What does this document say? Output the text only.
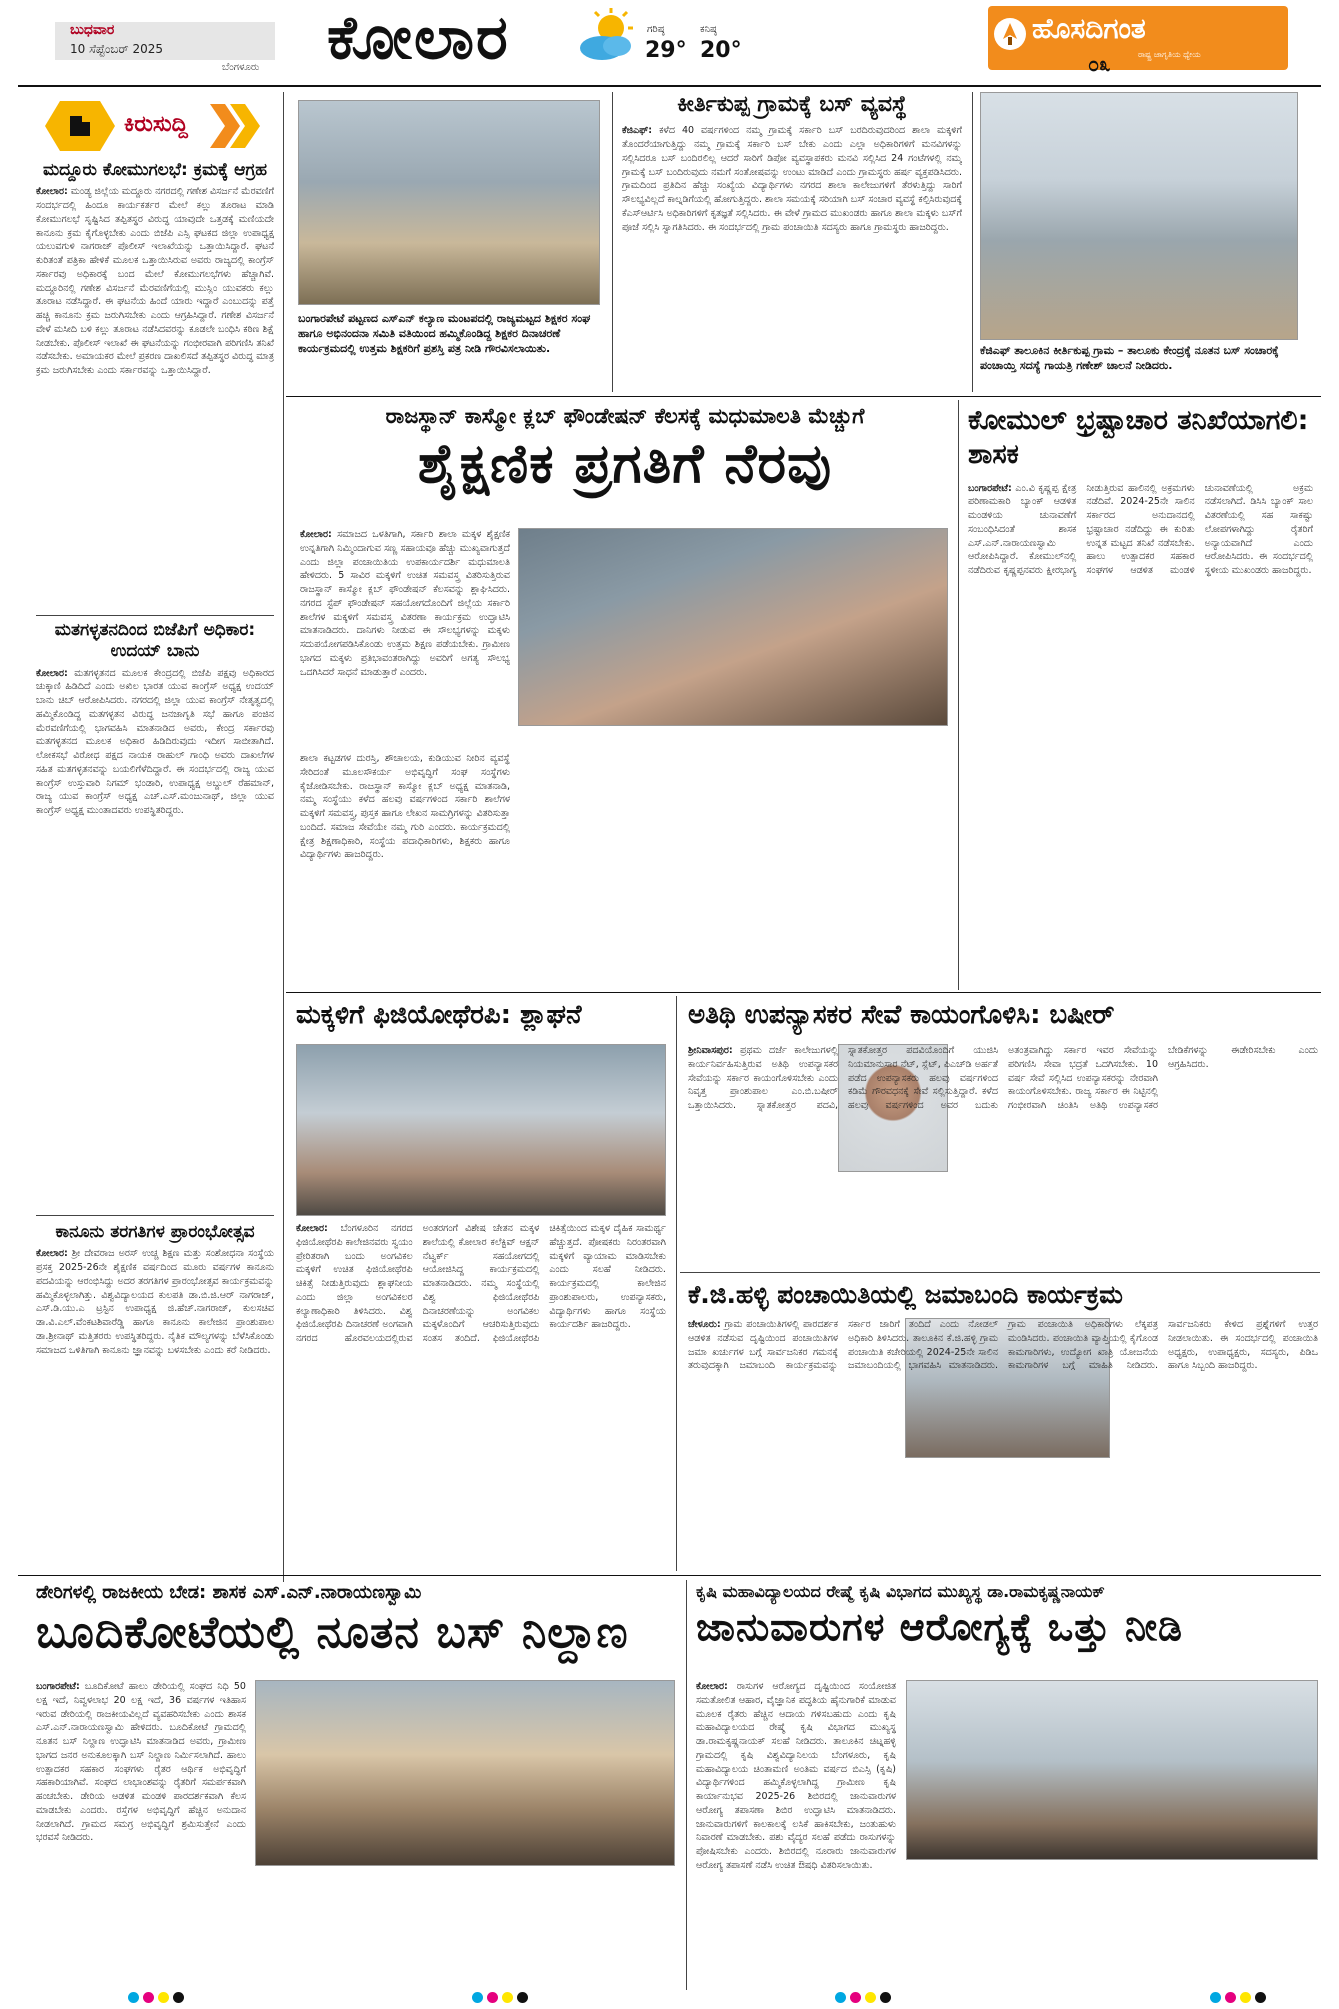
ಬುಧವಾರ
10 ಸೆಪ್ಟೆಂಬರ್ 2025
ಬೆಂಗಳೂರು ಕೋಲಾರ	ಗರಿಷ್ಠ
29°
ಕನಿಷ್ಠ
20°
ಹೊಸದಿಗಂತ
ರಾಷ್ಟ್ರ ಜಾಗೃತಿಯ ಧ್ಯೇಯ
೦೩
ಕಿರುಸುದ್ದಿ
ಮದ್ದೂರು ಕೋಮುಗಲಭೆ: ಕ್ರಮಕ್ಕೆ ಆಗ್ರಹ
ಕೋಲಾರ: ಮಂಡ್ಯ ಜಿಲ್ಲೆಯ ಮದ್ದೂರು ನಗರದಲ್ಲಿ ಗಣೇಶ ವಿಸರ್ಜನೆ ಮೆರವಣಿಗೆ ಸಂದರ್ಭದಲ್ಲಿ ಹಿಂದೂ ಕಾರ್ಯಕರ್ತರ ಮೇಲೆ ಕಲ್ಲು ತೂರಾಟ ಮಾಡಿ ಕೋಮುಗಲಭೆ ಸೃಷ್ಟಿಸಿದ ತಪ್ಪಿತಸ್ಥರ ವಿರುದ್ಧ ಯಾವುದೇ ಒತ್ತಡಕ್ಕೆ ಮಣಿಯದೇ ಕಾನೂನು ಕ್ರಮ ಕೈಗೊಳ್ಳಬೇಕು ಎಂದು ಬಿಜೆಪಿ ಎಸ್ಸಿ ಘಟಕದ ಜಿಲ್ಲಾ ಉಪಾಧ್ಯಕ್ಷ ಯಲುವಗುಳಿ ನಾಗರಾಜ್ ಪೊಲೀಸ್ ಇಲಾಖೆಯನ್ನು ಒತ್ತಾಯಿಸಿದ್ದಾರೆ. ಘಟನೆ ಕುರಿತಂತೆ ಪತ್ರಿಕಾ ಹೇಳಿಕೆ ಮೂಲಕ ಒತ್ತಾಯಿಸಿರುವ ಅವರು ರಾಜ್ಯದಲ್ಲಿ ಕಾಂಗ್ರೆಸ್ ಸರ್ಕಾರವು ಅಧಿಕಾರಕ್ಕೆ ಬಂದ ಮೇಲೆ ಕೋಮುಗಲಭೆಗಳು ಹೆಚ್ಚಾಗಿವೆ. ಮದ್ದೂರಿನಲ್ಲಿ ಗಣೇಶ ವಿಸರ್ಜನೆ ಮೆರವಣಿಗೆಯಲ್ಲಿ ಮುಸ್ಲಿಂ ಯುವಕರು ಕಲ್ಲು ತೂರಾಟ ನಡೆಸಿದ್ದಾರೆ. ಈ ಘಟನೆಯ ಹಿಂದೆ ಯಾರು ಇದ್ದಾರೆ ಎಂಬುದನ್ನು ಪತ್ತೆ ಹಚ್ಚಿ ಕಾನೂನು ಕ್ರಮ ಜರುಗಿಸಬೇಕು ಎಂದು ಆಗ್ರಹಿಸಿದ್ದಾರೆ. ಗಣೇಶ ವಿಸರ್ಜನೆ ವೇಳೆ ಮಸೀದಿ ಬಳಿ ಕಲ್ಲು ತೂರಾಟ ನಡೆಸಿದವರನ್ನು ಕೂಡಲೇ ಬಂಧಿಸಿ ಕಠಿಣ ಶಿಕ್ಷೆ ನೀಡಬೇಕು. ಪೊಲೀಸ್ ಇಲಾಖೆ ಈ ಘಟನೆಯನ್ನು ಗಂಭೀರವಾಗಿ ಪರಿಗಣಿಸಿ ತನಿಖೆ ನಡೆಸಬೇಕು. ಅಮಾಯಕರ ಮೇಲೆ ಪ್ರಕರಣ ದಾಖಲಿಸದೆ ತಪ್ಪಿತಸ್ಥರ ವಿರುದ್ಧ ಮಾತ್ರ ಕ್ರಮ ಜರುಗಿಸಬೇಕು ಎಂದು ಸರ್ಕಾರವನ್ನು ಒತ್ತಾಯಿಸಿದ್ದಾರೆ.
ಮತಗಳ್ಳತನದಿಂದ ಬಿಜೆಪಿಗೆ ಅಧಿಕಾರ: ಉದಯ್ ಬಾನು
ಕೋಲಾರ: ಮತಗಳ್ಳತನದ ಮೂಲಕ ಕೇಂದ್ರದಲ್ಲಿ ಬಿಜೆಪಿ ಪಕ್ಷವು ಅಧಿಕಾರದ ಚುಕ್ಕಾಣಿ ಹಿಡಿದಿದೆ ಎಂದು ಅಖಿಲ ಭಾರತ ಯುವ ಕಾಂಗ್ರೆಸ್ ಅಧ್ಯಕ್ಷ ಉದಯ್ ಬಾನು ಚಿಬ್ ಆರೋಪಿಸಿದರು. ನಗರದಲ್ಲಿ ಜಿಲ್ಲಾ ಯುವ ಕಾಂಗ್ರೆಸ್ ನೇತೃತ್ವದಲ್ಲಿ ಹಮ್ಮಿಕೊಂಡಿದ್ದ ಮತಗಳ್ಳತನ ವಿರುದ್ಧ ಜನಜಾಗೃತಿ ಸಭೆ ಹಾಗೂ ಪಂಜಿನ ಮೆರವಣಿಗೆಯಲ್ಲಿ ಭಾಗವಹಿಸಿ ಮಾತನಾಡಿದ ಅವರು, ಕೇಂದ್ರ ಸರ್ಕಾರವು ಮತಗಳ್ಳತನದ ಮೂಲಕ ಅಧಿಕಾರ ಹಿಡಿದಿರುವುದು ಇದೀಗ ಸಾಬೀತಾಗಿದೆ. ಲೋಕಸಭೆ ವಿರೋಧ ಪಕ್ಷದ ನಾಯಕ ರಾಹುಲ್ ಗಾಂಧಿ ಅವರು ದಾಖಲೆಗಳ ಸಹಿತ ಮತಗಳ್ಳತನವನ್ನು ಬಯಲಿಗೆಳೆದಿದ್ದಾರೆ. ಈ ಸಂದರ್ಭದಲ್ಲಿ ರಾಜ್ಯ ಯುವ ಕಾಂಗ್ರೆಸ್ ಉಸ್ತುವಾರಿ ನಿಗಮ್ ಭಂಡಾರಿ, ಉಪಾಧ್ಯಕ್ಷ ಅಬ್ದುಲ್ ರೆಹಮಾನ್, ರಾಜ್ಯ ಯುವ ಕಾಂಗ್ರೆಸ್ ಅಧ್ಯಕ್ಷ ಎಚ್.ಎಸ್.ಮಂಜುನಾಥ್, ಜಿಲ್ಲಾ ಯುವ ಕಾಂಗ್ರೆಸ್ ಅಧ್ಯಕ್ಷ ಮುಂತಾದವರು ಉಪಸ್ಥಿತರಿದ್ದರು.
ಕಾನೂನು ತರಗತಿಗಳ ಪ್ರಾರಂಭೋತ್ಸವ
ಕೋಲಾರ: ಶ್ರೀ ದೇವರಾಜ ಅರಸ್ ಉಚ್ಚ ಶಿಕ್ಷಣ ಮತ್ತು ಸಂಶೋಧನಾ ಸಂಸ್ಥೆಯ ಪ್ರಸಕ್ತ 2025-26ನೇ ಶೈಕ್ಷಣಿಕ ವರ್ಷದಿಂದ ಮೂರು ವರ್ಷಗಳ ಕಾನೂನು ಪದವಿಯನ್ನು ಆರಂಭಿಸಿದ್ದು ಅದರ ತರಗತಿಗಳ ಪ್ರಾರಂಭೋತ್ಸವ ಕಾರ್ಯಕ್ರಮವನ್ನು ಹಮ್ಮಿಕೊಳ್ಳಲಾಗಿತ್ತು. ವಿಶ್ವವಿದ್ಯಾಲಯದ ಕುಲಪತಿ ಡಾ.ಬಿ.ಜಿ.ಆರ್ ನಾಗರಾಜ್, ಎಸ್.ಡಿ.ಯು.ಎ ಟ್ರಸ್ಟಿನ ಉಪಾಧ್ಯಕ್ಷ ಜಿ.ಹೆಚ್.ನಾಗರಾಜ್, ಕುಲಸಚಿವ ಡಾ.ವಿ.ಎಲ್.ವೆಂಕಟಶಿವಾರೆಡ್ಡಿ ಹಾಗೂ ಕಾನೂನು ಕಾಲೇಜಿನ ಪ್ರಾಂಶುಪಾಲ ಡಾ.ಶ್ರೀನಾಥ್ ಮತ್ತಿತರರು ಉಪಸ್ಥಿತರಿದ್ದರು. ನೈತಿಕ ಮೌಲ್ಯಗಳನ್ನು ಬೆಳೆಸಿಕೊಂಡು ಸಮಾಜದ ಒಳಿತಿಗಾಗಿ ಕಾನೂನು ಜ್ಞಾನವನ್ನು ಬಳಸಬೇಕು ಎಂದು ಕರೆ ನೀಡಿದರು.
ಬಂಗಾರಪೇಟೆ ಪಟ್ಟಣದ ಎಸ್‌ಎನ್ ಕಲ್ಯಾಣ ಮಂಟಪದಲ್ಲಿ ರಾಜ್ಯಮಟ್ಟದ ಶಿಕ್ಷಕರ ಸಂಘ ಹಾಗೂ ಅಭಿನಂದನಾ ಸಮಿತಿ ವತಿಯಿಂದ ಹಮ್ಮಿಕೊಂಡಿದ್ದ ಶಿಕ್ಷಕರ ದಿನಾಚರಣೆ ಕಾರ್ಯಕ್ರಮದಲ್ಲಿ ಉತ್ತಮ ಶಿಕ್ಷಕರಿಗೆ ಪ್ರಶಸ್ತಿ ಪತ್ರ ನೀಡಿ ಗೌರವಿಸಲಾಯಿತು.
ಕೀರ್ತಿಕುಪ್ಪ ಗ್ರಾಮಕ್ಕೆ ಬಸ್ ವ್ಯವಸ್ಥೆ
ಕೆಜಿಎಫ್: ಕಳೆದ 40 ವರ್ಷಗಳಿಂದ ನಮ್ಮ ಗ್ರಾಮಕ್ಕೆ ಸರ್ಕಾರಿ ಬಸ್ ಬರದಿರುವುದರಿಂದ ಶಾಲಾ ಮಕ್ಕಳಿಗೆ ತೊಂದರೆಯಾಗುತ್ತಿದ್ದು ನಮ್ಮ ಗ್ರಾಮಕ್ಕೆ ಸರ್ಕಾರಿ ಬಸ್ ಬೇಕು ಎಂದು ಎಲ್ಲಾ ಅಧಿಕಾರಿಗಳಿಗೆ ಮನವಿಗಳನ್ನು ಸಲ್ಲಿಸಿದರೂ ಬಸ್ ಬಂದಿರಲಿಲ್ಲ ಆದರೆ ಸಾರಿಗೆ ಡಿಪೋ ವ್ಯವಸ್ಥಾಪಕರು ಮನವಿ ಸಲ್ಲಿಸಿದ 24 ಗಂಟೆಗಳಲ್ಲಿ ನಮ್ಮ ಗ್ರಾಮಕ್ಕೆ ಬಸ್ ಬಂದಿರುವುದು ನಮಗೆ ಸಂತೋಷವನ್ನು ಉಂಟು ಮಾಡಿದೆ ಎಂದು ಗ್ರಾಮಸ್ಥರು ಹರ್ಷ ವ್ಯಕ್ತಪಡಿಸಿದರು. ಗ್ರಾಮದಿಂದ ಪ್ರತಿದಿನ ಹೆಚ್ಚು ಸಂಖ್ಯೆಯ ವಿದ್ಯಾರ್ಥಿಗಳು ನಗರದ ಶಾಲಾ ಕಾಲೇಜುಗಳಿಗೆ ತೆರಳುತ್ತಿದ್ದು ಸಾರಿಗೆ ಸೌಲಭ್ಯವಿಲ್ಲದೆ ಕಾಲ್ನಡಿಗೆಯಲ್ಲಿ ಹೋಗುತ್ತಿದ್ದರು. ಶಾಲಾ ಸಮಯಕ್ಕೆ ಸರಿಯಾಗಿ ಬಸ್ ಸಂಚಾರ ವ್ಯವಸ್ಥೆ ಕಲ್ಪಿಸಿರುವುದಕ್ಕೆ ಕೆಎಸ್ಆರ್ಟಿಸಿ ಅಧಿಕಾರಿಗಳಿಗೆ ಕೃತಜ್ಞತೆ ಸಲ್ಲಿಸಿದರು. ಈ ವೇಳೆ ಗ್ರಾಮದ ಮುಖಂಡರು ಹಾಗೂ ಶಾಲಾ ಮಕ್ಕಳು ಬಸ್‌ಗೆ ಪೂಜೆ ಸಲ್ಲಿಸಿ ಸ್ವಾಗತಿಸಿದರು. ಈ ಸಂದರ್ಭದಲ್ಲಿ ಗ್ರಾಮ ಪಂಚಾಯಿತಿ ಸದಸ್ಯರು ಹಾಗೂ ಗ್ರಾಮಸ್ಥರು ಹಾಜರಿದ್ದರು.
ಕೆಜಿಎಫ್ ತಾಲೂಕಿನ ಕೀರ್ತಿಕುಪ್ಪ ಗ್ರಾಮ – ತಾಲೂಕು ಕೇಂದ್ರಕ್ಕೆ ನೂತನ ಬಸ್ ಸಂಚಾರಕ್ಕೆ ಪಂಚಾಯ್ತಿ ಸದಸ್ಯೆ ಗಾಯತ್ರಿ ಗಣೇಶ್ ಚಾಲನೆ ನೀಡಿದರು.
ರಾಜಸ್ಥಾನ್ ಕಾಸ್ಮೋ ಕ್ಲಬ್ ಫೌಂಡೇಷನ್ ಕೆಲಸಕ್ಕೆ ಮಧುಮಾಲತಿ ಮೆಚ್ಚುಗೆ
ಶೈಕ್ಷಣಿಕ ಪ್ರಗತಿಗೆ ನೆರವು
ಕೋಲಾರ: ಸಮಾಜದ ಒಳತಿಗಾಗಿ, ಸರ್ಕಾರಿ ಶಾಲಾ ಮಕ್ಕಳ ಶೈಕ್ಷಣಿಕ ಉನ್ನತಿಗಾಗಿ ನಿಮ್ಮಿಂದಾಗುವ ಸಣ್ಣ ಸಹಾಯವೂ ಹೆಚ್ಚು ಮುಖ್ಯವಾಗುತ್ತದೆ ಎಂದು ಜಿಲ್ಲಾ ಪಂಚಾಯಿತಿಯ ಉಪಕಾರ್ಯದರ್ಶಿ ಮಧುಮಾಲತಿ ಹೇಳಿದರು. 5 ಸಾವಿರ ಮಕ್ಕಳಿಗೆ ಉಚಿತ ಸಮವಸ್ತ್ರ ವಿತರಿಸುತ್ತಿರುವ ರಾಜಸ್ಥಾನ್ ಕಾಸ್ಮೋ ಕ್ಲಬ್ ಫೌಂಡೇಷನ್ ಕೆಲಸವನ್ನು ಶ್ಲಾಘಿಸಿದರು. ನಗರದ ಸ್ಟೆಪ್ ಫೌಂಡೇಷನ್ ಸಹಯೋಗದೊಂದಿಗೆ ಜಿಲ್ಲೆಯ ಸರ್ಕಾರಿ ಶಾಲೆಗಳ ಮಕ್ಕಳಿಗೆ ಸಮವಸ್ತ್ರ ವಿತರಣಾ ಕಾರ್ಯಕ್ರಮ ಉದ್ಘಾಟಿಸಿ ಮಾತನಾಡಿದರು. ದಾನಿಗಳು ನೀಡುವ ಈ ಸೌಲಭ್ಯಗಳನ್ನು ಮಕ್ಕಳು ಸದುಪಯೋಗಪಡಿಸಿಕೊಂಡು ಉತ್ತಮ ಶಿಕ್ಷಣ ಪಡೆಯಬೇಕು. ಗ್ರಾಮೀಣ ಭಾಗದ ಮಕ್ಕಳು ಪ್ರತಿಭಾವಂತರಾಗಿದ್ದು ಅವರಿಗೆ ಅಗತ್ಯ ಸೌಲಭ್ಯ ಒದಗಿಸಿದರೆ ಸಾಧನೆ ಮಾಡುತ್ತಾರೆ ಎಂದರು.
ಶಾಲಾ ಕಟ್ಟಡಗಳ ದುರಸ್ತಿ, ಶೌಚಾಲಯ, ಕುಡಿಯುವ ನೀರಿನ ವ್ಯವಸ್ಥೆ ಸೇರಿದಂತೆ ಮೂಲಸೌಕರ್ಯ ಅಭಿವೃದ್ಧಿಗೆ ಸಂಘ ಸಂಸ್ಥೆಗಳು ಕೈಜೋಡಿಸಬೇಕು. ರಾಜಸ್ಥಾನ್ ಕಾಸ್ಮೋ ಕ್ಲಬ್ ಅಧ್ಯಕ್ಷ ಮಾತನಾಡಿ, ನಮ್ಮ ಸಂಸ್ಥೆಯು ಕಳೆದ ಹಲವು ವರ್ಷಗಳಿಂದ ಸರ್ಕಾರಿ ಶಾಲೆಗಳ ಮಕ್ಕಳಿಗೆ ಸಮವಸ್ತ್ರ, ಪುಸ್ತಕ ಹಾಗೂ ಲೇಖನ ಸಾಮಗ್ರಿಗಳನ್ನು ವಿತರಿಸುತ್ತಾ ಬಂದಿದೆ. ಸಮಾಜ ಸೇವೆಯೇ ನಮ್ಮ ಗುರಿ ಎಂದರು. ಕಾರ್ಯಕ್ರಮದಲ್ಲಿ ಕ್ಷೇತ್ರ ಶಿಕ್ಷಣಾಧಿಕಾರಿ, ಸಂಸ್ಥೆಯ ಪದಾಧಿಕಾರಿಗಳು, ಶಿಕ್ಷಕರು ಹಾಗೂ ವಿದ್ಯಾರ್ಥಿಗಳು ಹಾಜರಿದ್ದರು.
ಕೋಮುಲ್ ಭ್ರಷ್ಟಾಚಾರ ತನಿಖೆಯಾಗಲಿ: ಶಾಸಕ
ಬಂಗಾರಪೇಟೆ: ಎಂ.ವಿ ಕೃಷ್ಣಪ್ಪ ಕ್ಷೇತ್ರ ಪರಿಣಾಮಕಾರಿ ಬ್ಯಾಂಕ್ ಆಡಳಿತ ಮಂಡಳಿಯ ಚುನಾವಣೆಗೆ ಸಂಬಂಧಿಸಿದಂತೆ ಶಾಸಕ ಎಸ್.ಎನ್.ನಾರಾಯಣಸ್ವಾಮಿ ಆರೋಪಿಸಿದ್ದಾರೆ. ಕೋಮುಲ್‌ನಲ್ಲಿ ನಡೆದಿರುವ ಕೃಷ್ಣಪ್ಪನವರು ಕ್ಷೀರಭಾಗ್ಯ ನೀಡುತ್ತಿರುವ ಹಾಲಿನಲ್ಲಿ ಅಕ್ರಮಗಳು ನಡೆದಿವೆ. 2024-25ನೇ ಸಾಲಿನ ಸರ್ಕಾರದ ಅನುದಾನದಲ್ಲಿ ಭ್ರಷ್ಟಾಚಾರ ನಡೆದಿದ್ದು ಈ ಕುರಿತು ಉನ್ನತ ಮಟ್ಟದ ತನಿಖೆ ನಡೆಸಬೇಕು. ಹಾಲು ಉತ್ಪಾದಕರ ಸಹಕಾರ ಸಂಘಗಳ ಆಡಳಿತ ಮಂಡಳಿ ಚುನಾವಣೆಯಲ್ಲಿ ಅಕ್ರಮ ನಡೆಸಲಾಗಿದೆ. ಡಿಸಿಸಿ ಬ್ಯಾಂಕ್ ಸಾಲ ವಿತರಣೆಯಲ್ಲಿ ಸಹ ಸಾಕಷ್ಟು ಲೋಪಗಳಾಗಿದ್ದು ರೈತರಿಗೆ ಅನ್ಯಾಯವಾಗಿದೆ ಎಂದು ಆರೋಪಿಸಿದರು. ಈ ಸಂದರ್ಭದಲ್ಲಿ ಸ್ಥಳೀಯ ಮುಖಂಡರು ಹಾಜರಿದ್ದರು.
ಮಕ್ಕಳಿಗೆ ಫಿಜಿಯೋಥೆರಪಿ: ಶ್ಲಾಘನೆ
ಕೋಲಾರ: ಬೆಂಗಳೂರಿನ ನಗರದ ಫಿಜಿಯೋಥೆರಪಿ ಕಾಲೇಜಿನವರು ಸ್ವಯಂ ಪ್ರೇರಿತರಾಗಿ ಬಂದು ಅಂಗವಿಕಲ ಮಕ್ಕಳಿಗೆ ಉಚಿತ ಫಿಜಿಯೋಥೆರಪಿ ಚಿಕಿತ್ಸೆ ನೀಡುತ್ತಿರುವುದು ಶ್ಲಾಘನೀಯ ಎಂದು ಜಿಲ್ಲಾ ಅಂಗವಿಕಲರ ಕಲ್ಯಾಣಾಧಿಕಾರಿ ತಿಳಿಸಿದರು. ವಿಶ್ವ ಫಿಜಿಯೋಥೆರಪಿ ದಿನಾಚರಣೆ ಅಂಗವಾಗಿ ನಗರದ ಹೊರವಲಯದಲ್ಲಿರುವ ಅಂತರಗಂಗೆ ವಿಶೇಷ ಚೇತನ ಮಕ್ಕಳ ಶಾಲೆಯಲ್ಲಿ ಕೋಲಾರ ಕಲೆಕ್ಟಿವ್ ಆಕ್ಷನ್ ನೆಟ್ವರ್ಕ್ ಸಹಯೋಗದಲ್ಲಿ ಆಯೋಜಿಸಿದ್ದ ಕಾರ್ಯಕ್ರಮದಲ್ಲಿ ಮಾತನಾಡಿದರು. ನಮ್ಮ ಸಂಸ್ಥೆಯಲ್ಲಿ ವಿಶ್ವ ಫಿಜಿಯೋಥೆರಪಿ ದಿನಾಚರಣೆಯನ್ನು ಅಂಗವಿಕಲ ಮಕ್ಕಳೊಂದಿಗೆ ಆಚರಿಸುತ್ತಿರುವುದು ಸಂತಸ ತಂದಿದೆ. ಫಿಜಿಯೋಥೆರಪಿ ಚಿಕಿತ್ಸೆಯಿಂದ ಮಕ್ಕಳ ದೈಹಿಕ ಸಾಮರ್ಥ್ಯ ಹೆಚ್ಚುತ್ತದೆ. ಪೋಷಕರು ನಿರಂತರವಾಗಿ ಮಕ್ಕಳಿಗೆ ವ್ಯಾಯಾಮ ಮಾಡಿಸಬೇಕು ಎಂದು ಸಲಹೆ ನೀಡಿದರು. ಕಾರ್ಯಕ್ರಮದಲ್ಲಿ ಕಾಲೇಜಿನ ಪ್ರಾಂಶುಪಾಲರು, ಉಪನ್ಯಾಸಕರು, ವಿದ್ಯಾರ್ಥಿಗಳು ಹಾಗೂ ಸಂಸ್ಥೆಯ ಕಾರ್ಯದರ್ಶಿ ಹಾಜರಿದ್ದರು.
ಅತಿಥಿ ಉಪನ್ಯಾಸಕರ ಸೇವೆ ಕಾಯಂಗೊಳಿಸಿ: ಬಷೀರ್
ಶ್ರೀನಿವಾಸಪುರ: ಪ್ರಥಮ ದರ್ಜೆ ಕಾಲೇಜುಗಳಲ್ಲಿ ಕಾರ್ಯನಿರ್ವಹಿಸುತ್ತಿರುವ ಅತಿಥಿ ಉಪನ್ಯಾಸಕರ ಸೇವೆಯನ್ನು ಸರ್ಕಾರ ಕಾಯಂಗೊಳಿಸಬೇಕು ಎಂದು ನಿವೃತ್ತ ಪ್ರಾಂಶುಪಾಲ ಎಂ.ಬಿ.ಬಷೀರ್ ಒತ್ತಾಯಿಸಿದರು. ಸ್ನಾತಕೋತ್ತರ ಪದವಿ, ಸ್ನಾತಕೋತ್ತರ ಪದವಿಯೊಂದಿಗೆ ಯುಜಿಸಿ ನಿಯಮಾನುಸಾರ ನೆಟ್, ಸ್ಲೆಟ್, ಪಿಎಚ್‌ಡಿ ಅರ್ಹತೆ ಪಡೆದ ಉಪನ್ಯಾಸಕರು ಹಲವು ವರ್ಷಗಳಿಂದ ಕಡಿಮೆ ಗೌರವಧನಕ್ಕೆ ಸೇವೆ ಸಲ್ಲಿಸುತ್ತಿದ್ದಾರೆ. ಕಳೆದ ಹಲವು ವರ್ಷಗಳಿಂದ ಅವರ ಬದುಕು ಅತಂತ್ರವಾಗಿದ್ದು ಸರ್ಕಾರ ಇವರ ಸೇವೆಯನ್ನು ಪರಿಗಣಿಸಿ ಸೇವಾ ಭದ್ರತೆ ಒದಗಿಸಬೇಕು. 10 ವರ್ಷ ಸೇವೆ ಸಲ್ಲಿಸಿದ ಉಪನ್ಯಾಸಕರನ್ನು ನೇರವಾಗಿ ಕಾಯಂಗೊಳಿಸಬೇಕು. ರಾಜ್ಯ ಸರ್ಕಾರ ಈ ನಿಟ್ಟಿನಲ್ಲಿ ಗಂಭೀರವಾಗಿ ಚಿಂತಿಸಿ ಅತಿಥಿ ಉಪನ್ಯಾಸಕರ ಬೇಡಿಕೆಗಳನ್ನು ಈಡೇರಿಸಬೇಕು ಎಂದು ಆಗ್ರಹಿಸಿದರು.
ಕೆ.ಜಿ.ಹಳ್ಳಿ ಪಂಚಾಯಿತಿಯಲ್ಲಿ ಜಮಾಬಂದಿ ಕಾರ್ಯಕ್ರಮ
ಚೇಳೂರು: ಗ್ರಾಮ ಪಂಚಾಯಿತಿಗಳಲ್ಲಿ ಪಾರದರ್ಶಕ ಆಡಳಿತ ನಡೆಸುವ ದೃಷ್ಟಿಯಿಂದ ಪಂಚಾಯಿತಿಗಳ ಜಮಾ ಖರ್ಚುಗಳ ಬಗ್ಗೆ ಸಾರ್ವಜನಿಕರ ಗಮನಕ್ಕೆ ತರುವುದಕ್ಕಾಗಿ ಜಮಾಬಂದಿ ಕಾರ್ಯಕ್ರಮವನ್ನು ಸರ್ಕಾರ ಜಾರಿಗೆ ತಂದಿದೆ ಎಂದು ನೋಡಲ್ ಅಧಿಕಾರಿ ತಿಳಿಸಿದರು. ತಾಲೂಕಿನ ಕೆ.ಜಿ.ಹಳ್ಳಿ ಗ್ರಾಮ ಪಂಚಾಯಿತಿ ಕಚೇರಿಯಲ್ಲಿ 2024-25ನೇ ಸಾಲಿನ ಜಮಾಬಂದಿಯಲ್ಲಿ ಭಾಗವಹಿಸಿ ಮಾತನಾಡಿದರು. ಗ್ರಾಮ ಪಂಚಾಯಿತಿ ಅಧಿಕಾರಿಗಳು ಲೆಕ್ಕಪತ್ರ ಮಂಡಿಸಿದರು. ಪಂಚಾಯಿತಿ ವ್ಯಾಪ್ತಿಯಲ್ಲಿ ಕೈಗೊಂಡ ಕಾಮಗಾರಿಗಳು, ಉದ್ಯೋಗ ಖಾತ್ರಿ ಯೋಜನೆಯ ಕಾಮಗಾರಿಗಳ ಬಗ್ಗೆ ಮಾಹಿತಿ ನೀಡಿದರು. ಸಾರ್ವಜನಿಕರು ಕೇಳಿದ ಪ್ರಶ್ನೆಗಳಿಗೆ ಉತ್ತರ ನೀಡಲಾಯಿತು. ಈ ಸಂದರ್ಭದಲ್ಲಿ ಪಂಚಾಯಿತಿ ಅಧ್ಯಕ್ಷರು, ಉಪಾಧ್ಯಕ್ಷರು, ಸದಸ್ಯರು, ಪಿಡಿಒ ಹಾಗೂ ಸಿಬ್ಬಂದಿ ಹಾಜರಿದ್ದರು.
ಡೇರಿಗಳಲ್ಲಿ ರಾಜಕೀಯ ಬೇಡ: ಶಾಸಕ ಎಸ್.ಎನ್.ನಾರಾಯಣಸ್ವಾಮಿ
ಬೂದಿಕೋಟೆಯಲ್ಲಿ ನೂತನ ಬಸ್ ನಿಲ್ದಾಣ
ಬಂಗಾರಪೇಟೆ: ಬೂದಿಕೋಟೆ ಹಾಲು ಡೇರಿಯಲ್ಲಿ ಸಂಘದ ನಿಧಿ 50 ಲಕ್ಷ ಇದೆ, ನಿವ್ವಳಲಾಭ 20 ಲಕ್ಷ ಇದೆ, 36 ವರ್ಷಗಳ ಇತಿಹಾಸ ಇರುವ ಡೇರಿಯಲ್ಲಿ ರಾಜಕೀಯವಿಲ್ಲದೆ ವ್ಯವಹರಿಸಬೇಕು ಎಂದು ಶಾಸಕ ಎಸ್.ಎನ್.ನಾರಾಯಣಸ್ವಾಮಿ ಹೇಳಿದರು. ಬೂದಿಕೋಟೆ ಗ್ರಾಮದಲ್ಲಿ ನೂತನ ಬಸ್ ನಿಲ್ದಾಣ ಉದ್ಘಾಟಿಸಿ ಮಾತನಾಡಿದ ಅವರು, ಗ್ರಾಮೀಣ ಭಾಗದ ಜನರ ಅನುಕೂಲಕ್ಕಾಗಿ ಬಸ್ ನಿಲ್ದಾಣ ನಿರ್ಮಿಸಲಾಗಿದೆ. ಹಾಲು ಉತ್ಪಾದಕರ ಸಹಕಾರ ಸಂಘಗಳು ರೈತರ ಆರ್ಥಿಕ ಅಭಿವೃದ್ಧಿಗೆ ಸಹಕಾರಿಯಾಗಿವೆ. ಸಂಘದ ಲಾಭಾಂಶವನ್ನು ರೈತರಿಗೆ ಸಮರ್ಪಕವಾಗಿ ಹಂಚಬೇಕು. ಡೇರಿಯ ಆಡಳಿತ ಮಂಡಳಿ ಪಾರದರ್ಶಕವಾಗಿ ಕೆಲಸ ಮಾಡಬೇಕು ಎಂದರು. ರಸ್ತೆಗಳ ಅಭಿವೃದ್ಧಿಗೆ ಹೆಚ್ಚಿನ ಅನುದಾನ ನೀಡಲಾಗಿದೆ. ಗ್ರಾಮದ ಸಮಗ್ರ ಅಭಿವೃದ್ಧಿಗೆ ಶ್ರಮಿಸುತ್ತೇನೆ ಎಂದು ಭರವಸೆ ನೀಡಿದರು.
ಕೃಷಿ ಮಹಾವಿದ್ಯಾಲಯದ ರೇಷ್ಮೆ ಕೃಷಿ ವಿಭಾಗದ ಮುಖ್ಯಸ್ಥ ಡಾ.ರಾಮಕೃಷ್ಣನಾಯಕ್
ಜಾನುವಾರುಗಳ ಆರೋಗ್ಯಕ್ಕೆ ಒತ್ತು ನೀಡಿ
ಕೋಲಾರ: ರಾಸುಗಳ ಆರೋಗ್ಯದ ದೃಷ್ಟಿಯಿಂದ ಸಂಯೋಜಿತ ಸಮತೋಲಿತ ಆಹಾರ, ವೈಜ್ಞಾನಿಕ ಪದ್ಧತಿಯ ಹೈನುಗಾರಿಕೆ ಮಾಡುವ ಮೂಲಕ ರೈತರು ಹೆಚ್ಚಿನ ಆದಾಯ ಗಳಿಸಬಹುದು ಎಂದು ಕೃಷಿ ಮಹಾವಿದ್ಯಾಲಯದ ರೇಷ್ಮೆ ಕೃಷಿ ವಿಭಾಗದ ಮುಖ್ಯಸ್ಥ ಡಾ.ರಾಮಕೃಷ್ಣನಾಯಕ್ ಸಲಹೆ ನೀಡಿದರು. ತಾಲೂಕಿನ ಚಿಟ್ನಹಳ್ಳಿ ಗ್ರಾಮದಲ್ಲಿ ಕೃಷಿ ವಿಶ್ವವಿದ್ಯಾನಿಲಯ ಬೆಂಗಳೂರು, ಕೃಷಿ ಮಹಾವಿದ್ಯಾಲಯ ಚಿಂತಾಮಣಿ ಅಂತಿಮ ವರ್ಷದ ಬಿಎಸ್ಸಿ (ಕೃಷಿ) ವಿದ್ಯಾರ್ಥಿಗಳಿಂದ ಹಮ್ಮಿಕೊಳ್ಳಲಾಗಿದ್ದ ಗ್ರಾಮೀಣ ಕೃಷಿ ಕಾರ್ಯಾನುಭವ 2025-26 ಶಿಬಿರದಲ್ಲಿ ಜಾನುವಾರುಗಳ ಆರೋಗ್ಯ ತಪಾಸಣಾ ಶಿಬಿರ ಉದ್ಘಾಟಿಸಿ ಮಾತನಾಡಿದರು. ಜಾನುವಾರುಗಳಿಗೆ ಕಾಲಕಾಲಕ್ಕೆ ಲಸಿಕೆ ಹಾಕಿಸಬೇಕು, ಜಂತುಹುಳು ನಿವಾರಣೆ ಮಾಡಬೇಕು. ಪಶು ವೈದ್ಯರ ಸಲಹೆ ಪಡೆದು ರಾಸುಗಳನ್ನು ಪೋಷಿಸಬೇಕು ಎಂದರು. ಶಿಬಿರದಲ್ಲಿ ನೂರಾರು ಜಾನುವಾರುಗಳ ಆರೋಗ್ಯ ತಪಾಸಣೆ ನಡೆಸಿ ಉಚಿತ ಔಷಧಿ ವಿತರಿಸಲಾಯಿತು.
